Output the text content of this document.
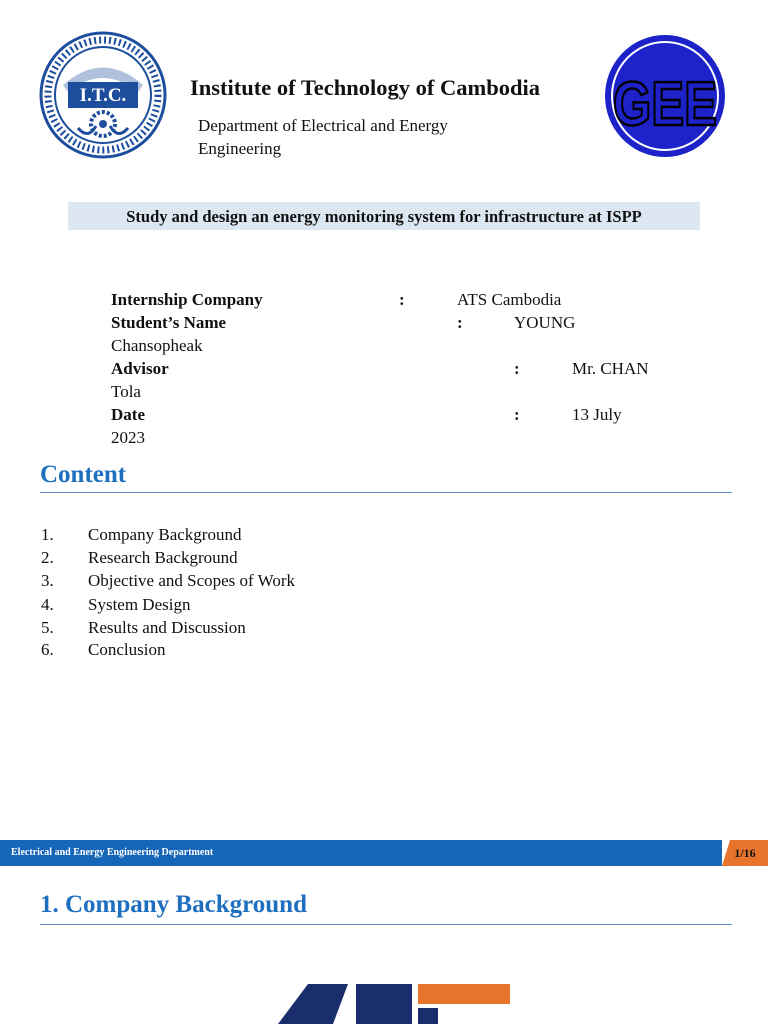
I.T.C.	Institute of Technology of Cambodia
Department of Electrical and Energy Engineering
GEE
Study and design an energy monitoring system for infrastructure at ISPP
Internship Company	:	ATS Cambodia
Student’s Name	:	YOUNG
Chansopheak
Advisor	:	Mr. CHAN
Tola
Date	:	13 July
2023
Content
1. Company Background
2. Research Background
3. Objective and Scopes of Work
4. System Design
5. Results and Discussion
6. Conclusion
Electrical and Energy Engineering Department	1/16
1. Company Background
